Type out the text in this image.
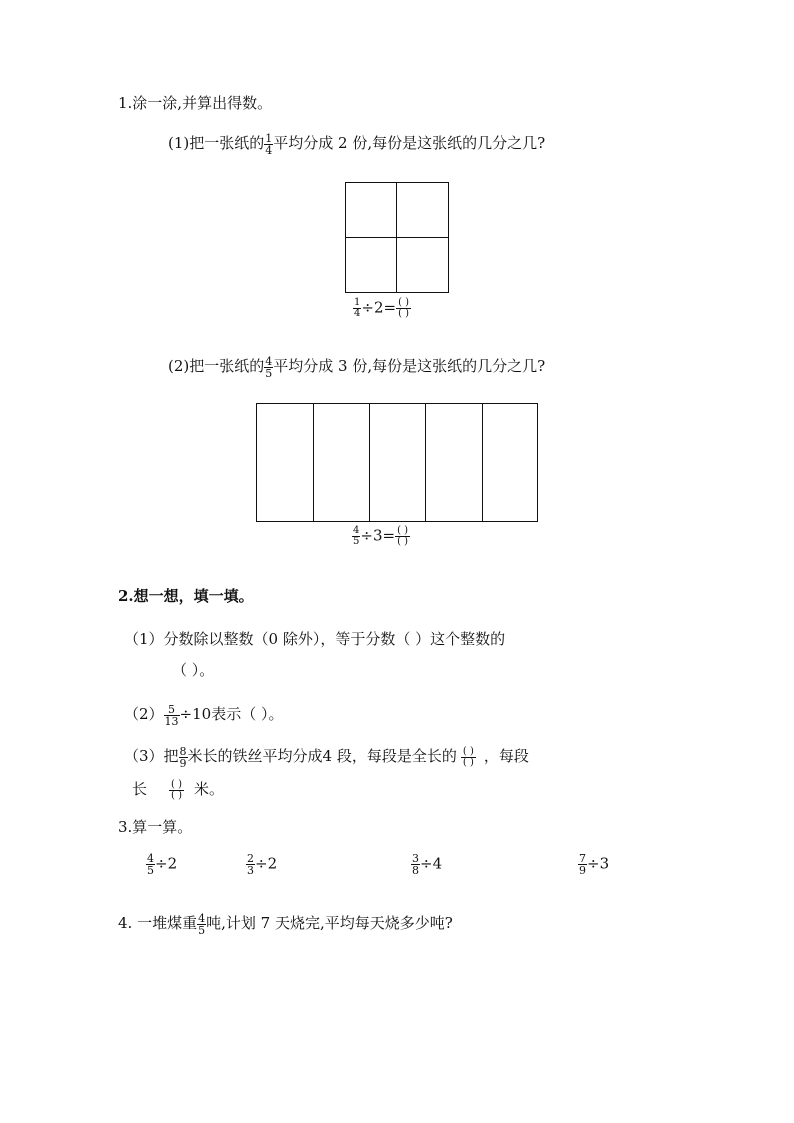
1.涂一涂,并算出得数。
(1)把一张纸的 $\frac{1}{4}$ 平均分成 2 份,每份是这张纸的几分之几?
$\frac{1}{4} \div 2= \frac{( )}{( )}$
(2)把一张纸的 $\frac{4}{5}$ 平均分成 3 份,每份是这张纸的几分之几?
$\frac{4}{5} \div 3= \frac{( )}{( )}$
2.想一想，填一填。
（1）分数除以整数（0 除外），等于分数（ ）这个整数的
（ ）。
$(2) \frac{5}{13} \div 10$表示（ ）。
（3）把 $\frac{8}{9}$ 米长的铁丝平均分成4 段，每段是全长的 $\frac{( )}{( )}$ ，每段
长 $\frac{( )}{( )}$ 米。
3.算一算。
$\frac{4}{5} \div 2$	$\frac{2}{3} \div 2$	$\frac{3}{8} \div 4$	$\frac{7}{9} \div 3$
4. 一堆煤重 $\frac{4}{5}$ 吨,计划 7 天烧完,平均每天烧多少吨?
